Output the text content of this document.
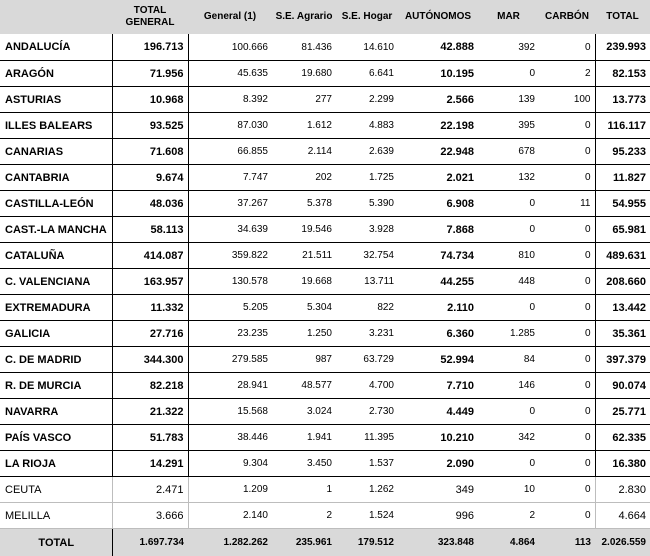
	TOTAL GENERAL	General (1)	S.E. Agrario	S.E. Hogar	AUTÓNOMOS	MAR	CARBÓN	TOTAL
ANDALUCÍA	196.713	100.666	81.436	14.610	42.888	392	0	239.993
ARAGÓN	71.956	45.635	19.680	6.641	10.195	0	2	82.153
ASTURIAS	10.968	8.392	277	2.299	2.566	139	100	13.773
ILLES BALEARS	93.525	87.030	1.612	4.883	22.198	395	0	116.117
CANARIAS	71.608	66.855	2.114	2.639	22.948	678	0	95.233
CANTABRIA	9.674	7.747	202	1.725	2.021	132	0	11.827
CASTILLA-LEÓN	48.036	37.267	5.378	5.390	6.908	0	11	54.955
CAST.-LA MANCHA	58.113	34.639	19.546	3.928	7.868	0	0	65.981
CATALUÑA	414.087	359.822	21.511	32.754	74.734	810	0	489.631
C. VALENCIANA	163.957	130.578	19.668	13.711	44.255	448	0	208.660
EXTREMADURA	11.332	5.205	5.304	822	2.110	0	0	13.442
GALICIA	27.716	23.235	1.250	3.231	6.360	1.285	0	35.361
C. DE MADRID	344.300	279.585	987	63.729	52.994	84	0	397.379
R. DE MURCIA	82.218	28.941	48.577	4.700	7.710	146	0	90.074
NAVARRA	21.322	15.568	3.024	2.730	4.449	0	0	25.771
PAÍS VASCO	51.783	38.446	1.941	11.395	10.210	342	0	62.335
LA RIOJA	14.291	9.304	3.450	1.537	2.090	0	0	16.380
CEUTA	2.471	1.209	1	1.262	349	10	0	2.830
MELILLA	3.666	2.140	2	1.524	996	2	0	4.664
TOTAL	1.697.734	1.282.262	235.961	179.512	323.848	4.864	113	2.026.559
